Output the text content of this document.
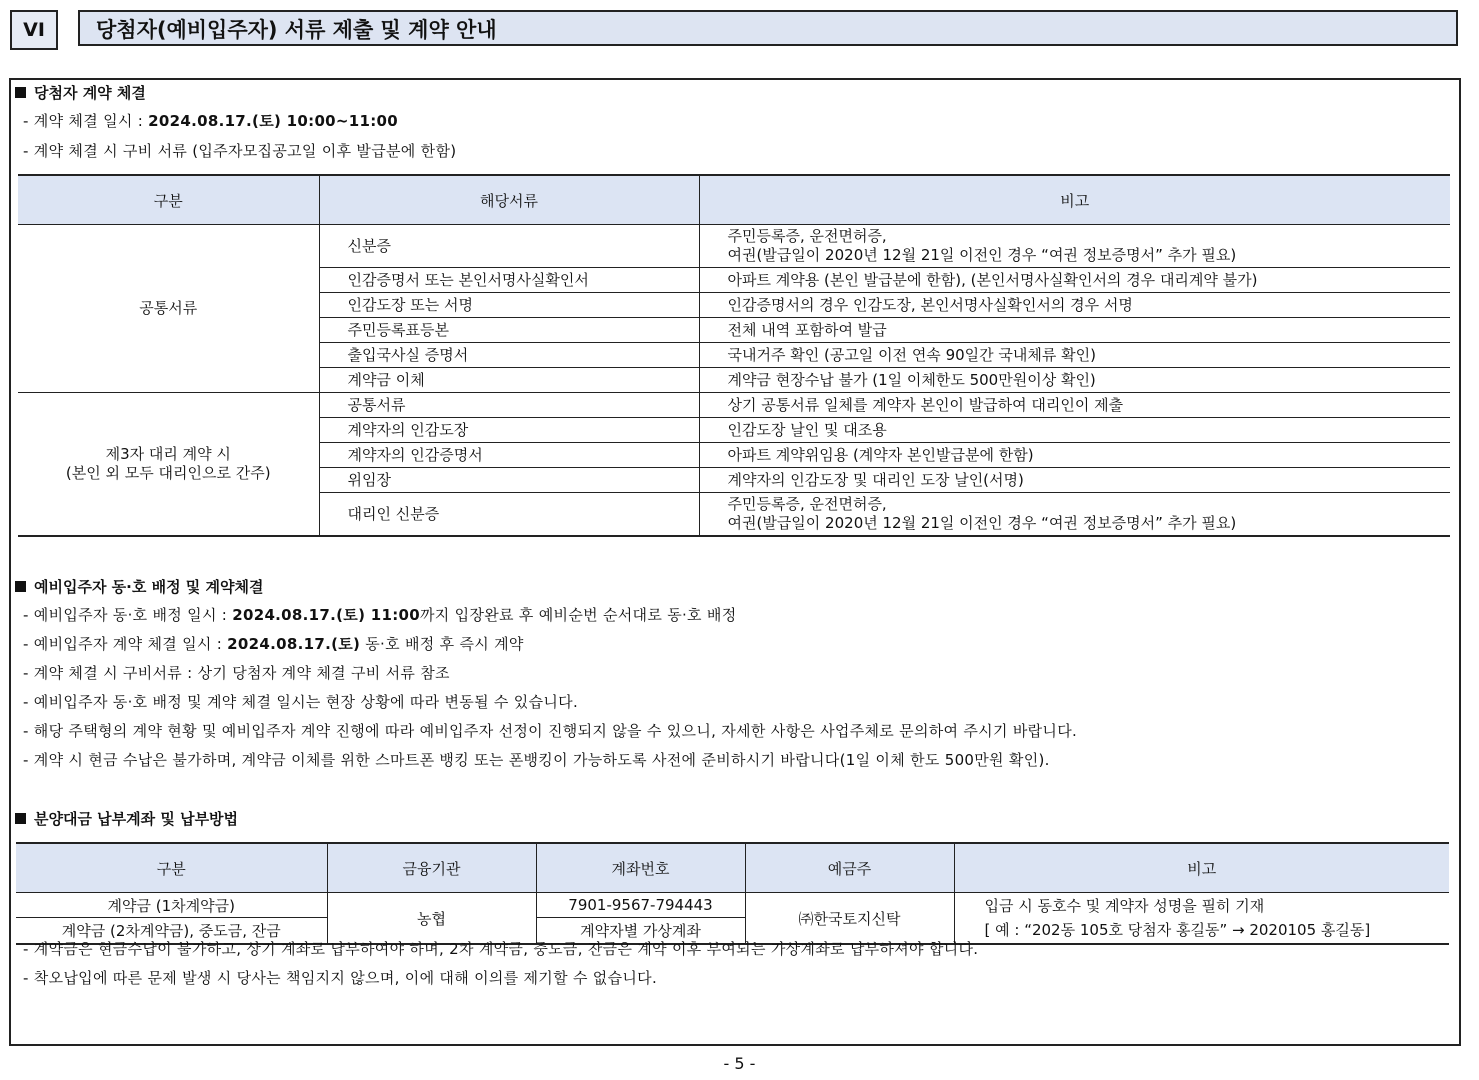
VI	당첨자(예비입주자) 서류 제출 및 계약 안내
당첨자 계약 체결
- 계약 체결 일시 : 2024.08.17.(토) 10:00~11:00
- 계약 체결 시 구비 서류 (입주자모집공고일 이후 발급분에 한함)
구분	해당서류	비고
공통서류	신분증	주민등록증, 운전면허증,
여권(발급일이 2020년 12월 21일 이전인 경우 “여권 정보증명서” 추가 필요)

	인감증명서 또는 본인서명사실확인서	아파트 계약용 (본인 발급분에 한함), (본인서명사실확인서의 경우 대리계약 불가)
	인감도장 또는 서명	인감증명서의 경우 인감도장, 본인서명사실확인서의 경우 서명
	주민등록표등본	전체 내역 포함하여 발급
	출입국사실 증명서	국내거주 확인 (공고일 이전 연속 90일간 국내체류 확인)
	계약금 이체	계약금 현장수납 불가 (1일 이체한도 500만원이상 확인)

제3자 대리 계약 시
(본인 외 모두 대리인으로 간주)	공통서류	상기 공통서류 일체를 계약자 본인이 발급하여 대리인이 제출
	계약자의 인감도장	인감도장 날인 및 대조용
	계약자의 인감증명서	아파트 계약위임용 (계약자 본인발급분에 한함)
	위임장	계약자의 인감도장 및 대리인 도장 날인(서명)
	대리인 신분증	주민등록증, 운전면허증,
여권(발급일이 2020년 12월 21일 이전인 경우 “여권 정보증명서” 추가 필요)
예비입주자 동·호 배정 및 계약체결
- 예비입주자 동·호 배정 일시 : 2024.08.17.(토) 11:00까지 입장완료 후 예비순번 순서대로 동·호 배정
- 예비입주자 계약 체결 일시 : 2024.08.17.(토) 동·호 배정 후 즉시 계약
- 계약 체결 시 구비서류 : 상기 당첨자 계약 체결 구비 서류 참조
- 예비입주자 동·호 배정 및 계약 체결 일시는 현장 상황에 따라 변동될 수 있습니다.
- 해당 주택형의 계약 현황 및 예비입주자 계약 진행에 따라 예비입주자 선정이 진행되지 않을 수 있으니, 자세한 사항은 사업주체로 문의하여 주시기 바랍니다.
- 계약 시 현금 수납은 불가하며, 계약금 이체를 위한 스마트폰 뱅킹 또는 폰뱅킹이 가능하도록 사전에 준비하시기 바랍니다(1일 이체 한도 500만원 확인).
분양대금 납부계좌 및 납부방법
구분	금융기관	계좌번호	예금주	비고
계약금 (1차계약금)	농협	7901-9567-794443	㈜한국토지신탁	입금 시 동호수 및 계약자 성명을 필히 기재
[ 예 : “202동 105호 당첨자 홍길동” → 2020105 홍길동]

계약금 (2차계약금), 중도금, 잔금		계약자별 가상계좌		
- 계약금은 현금수납이 불가하고, 상기 계좌로 납부하여야 하며, 2차 계약금, 중도금, 잔금은 계약 이후 부여되는 가상계좌로 납부하셔야 합니다.
- 착오납입에 따른 문제 발생 시 당사는 책임지지 않으며, 이에 대해 이의를 제기할 수 없습니다.
- 5 -
